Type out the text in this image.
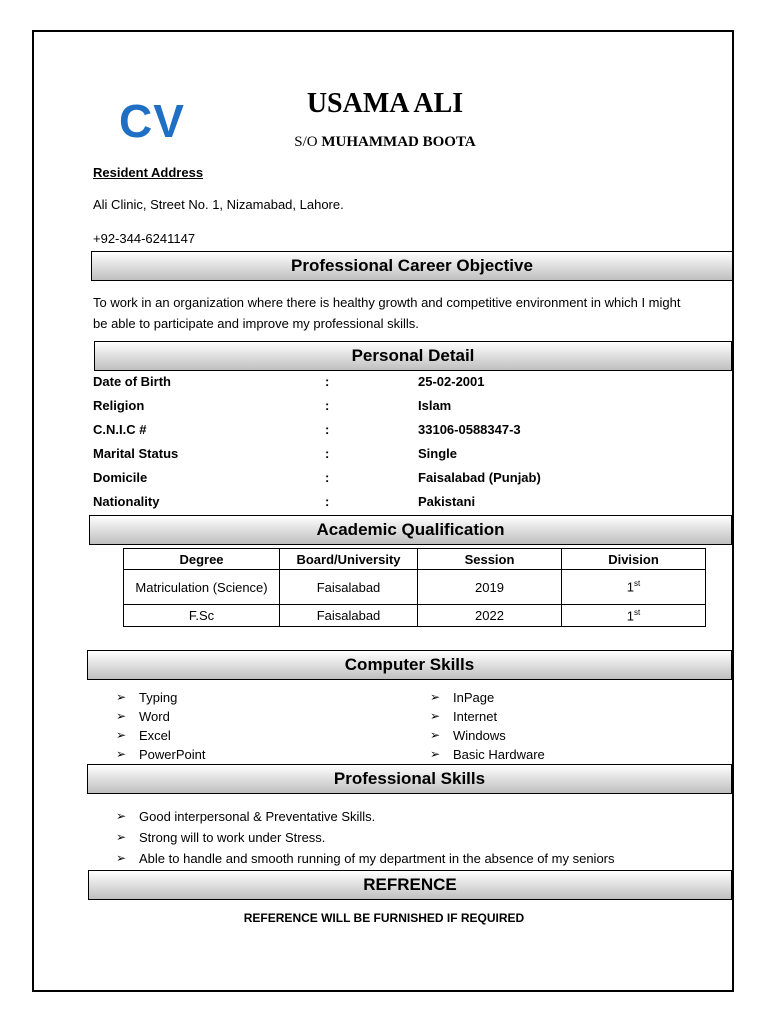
CV	USAMA ALI
S/O MUHAMMAD BOOTA
Resident Address
Ali Clinic, Street No. 1, Nizamabad, Lahore.
+92-344-6241147
Professional Career Objective
To work in an organization where there is healthy growth and competitive environment in which I might be able to participate and improve my professional skills.
Personal Detail
Date of Birth	:	25-02-2001
Religion	:	Islam
C.N.I.C #	:	33106-0588347-3
Marital Status	:	Single
Domicile	:	Faisalabad (Punjab)
Nationality	:	Pakistani
Academic Qualification
Degree	Board/University	Session	Division
Matriculation (Science)	Faisalabad	2019	1st
F.Sc	Faisalabad	2022	1st
Computer Skills
➢ Typing
➢ Word
➢ Excel
➢ PowerPoint
➢ InPage
➢ Internet
➢ Windows
➢ Basic Hardware
Professional Skills
➢ Good interpersonal & Preventative Skills.
➢ Strong will to work under Stress.
➢ Able to handle and smooth running of my department in the absence of my seniors
REFRENCE
REFERENCE WILL BE FURNISHED IF REQUIRED
